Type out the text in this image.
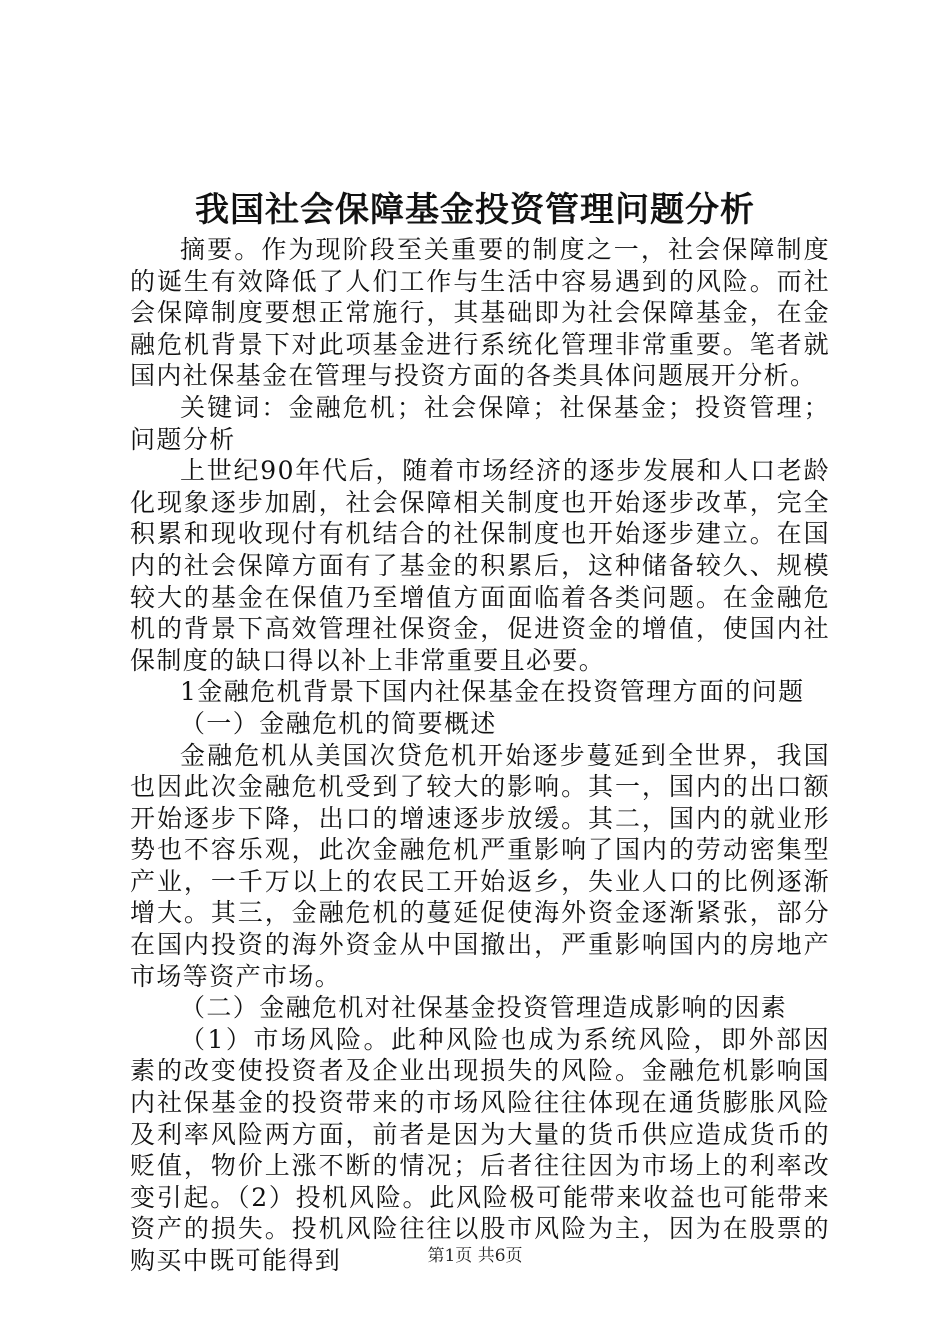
我国社会保障基金投资管理问题分析

摘要。作为现阶段至关重要的制度之一，社会保障制度的诞生有效降低了人们工作与生活中容易遇到的风险。而社会保障制度要想正常施行，其基础即为社会保障基金，在金融危机背景下对此项基金进行系统化管理非常重要。笔者就国内社保基金在管理与投资方面的各类具体问题展开分析。

关键词：金融危机；社会保障；社保基金；投资管理；问题分析

上世纪90年代后，随着市场经济的逐步发展和人口老龄化现象逐步加剧，社会保障相关制度也开始逐步改革，完全积累和现收现付有机结合的社保制度也开始逐步建立。在国内的社会保障方面有了基金的积累后，这种储备较久、规模较大的基金在保值乃至增值方面面临着各类问题。在金融危机的背景下高效管理社保资金，促进资金的增值，使国内社保制度的缺口得以补上非常重要且必要。

1金融危机背景下国内社保基金在投资管理方面的问题

（一）金融危机的简要概述

金融危机从美国次贷危机开始逐步蔓延到全世界，我国也因此次金融危机受到了较大的影响。其一，国内的出口额开始逐步下降，出口的增速逐步放缓。其二，国内的就业形势也不容乐观，此次金融危机严重影响了国内的劳动密集型产业，一千万以上的农民工开始返乡，失业人口的比例逐渐增大。其三，金融危机的蔓延促使海外资金逐渐紧张，部分在国内投资的海外资金从中国撤出，严重影响国内的房地产市场等资产市场。

（二）金融危机对社保基金投资管理造成影响的因素

（1）市场风险。此种风险也成为系统风险，即外部因素的改变使投资者及企业出现损失的风险。金融危机影响国内社保基金的投资带来的市场风险往往体现在通货膨胀风险及利率风险两方面，前者是因为大量的货币供应造成货币的贬值，物价上涨不断的情况；后者往往因为市场上的利率改变引起。（2）投机风险。此风险极可能带来收益也可能带来资产的损失。投机风险往往以股市风险为主，因为在股票的购买中既可能得到	第1页 共6页
